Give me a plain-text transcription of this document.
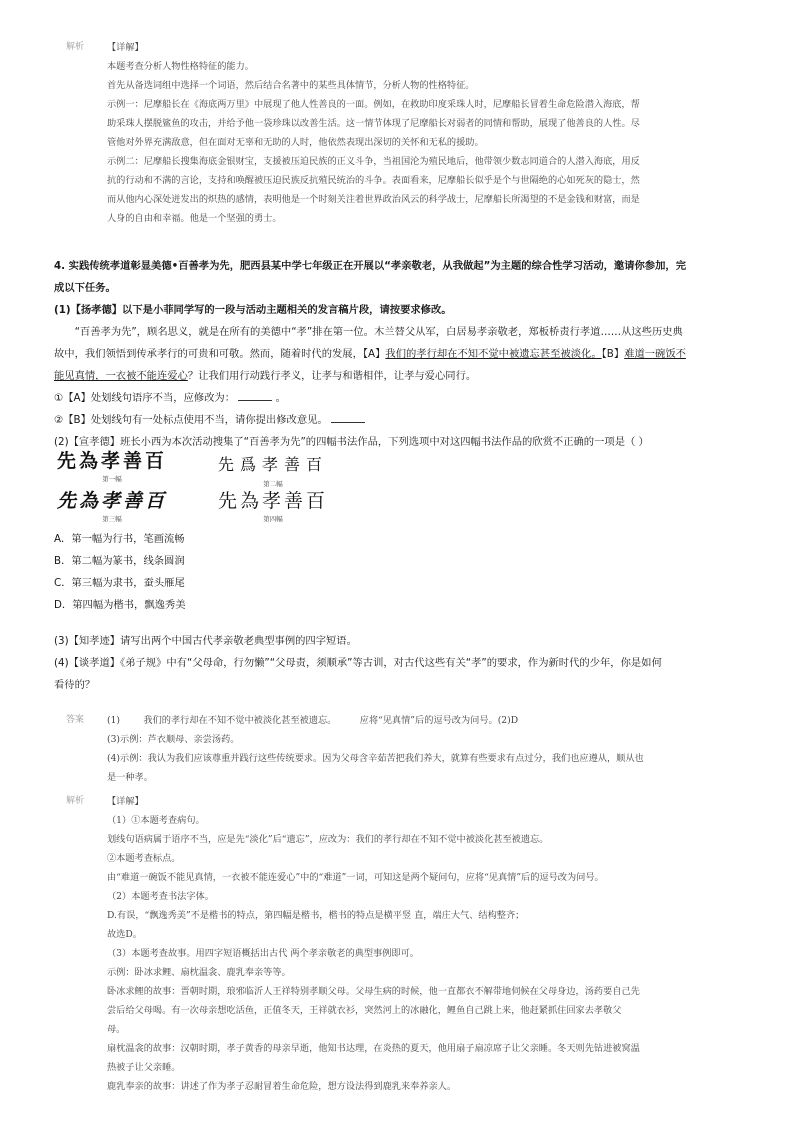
解析 【详解】

本题考查分析人物性格特征的能力。

首先从备选词组中选择一个词语，然后结合名著中的某些具体情节，分析人物的性格特征。

示例一：尼摩船长在《海底两万里》中展现了他人性善良的一面。例如，在救助印度采珠人时，尼摩船长冒着生命危险潜入海底，帮

助采珠人摆脱鲨鱼的攻击，并给予他一袋珍珠以改善生活。这一情节体现了尼摩船长对弱者的同情和帮助，展现了他善良的人性。尽

管他对外界充满敌意，但在面对无辜和无助的人时，他依然表现出深切的关怀和无私的援助。

示例二：尼摩船长搜集海底金银财宝，支援被压迫民族的正义斗争，当祖国沦为殖民地后，他带领少数志同道合的人潜入海底，用反

抗的行动和不满的言论，支持和唤醒被压迫民族反抗殖民统治的斗争。表面看来，尼摩船长似乎是个与世隔绝的心如死灰的隐士，然

而从他内心深处迸发出的炽热的感情，表明他是一个时刻关注着世界政治风云的科学战士，尼摩船长所渴望的不是金钱和财富，而是

人身的自由和幸福。他是一个坚强的勇士。

4. 实践传统孝道彰显美德•百善孝为先，肥西县某中学七年级正在开展以“孝亲敬老，从我做起”为主题的综合性学习活动，邀请你参加，完

成以下任务。

(1)【扬孝德】以下是小菲同学写的一段与活动主题相关的发言稿片段，请按要求修改。

“百善孝为先”，顾名思义，就是在所有的美德中“孝”排在第一位。木兰替父从军，白居易孝亲敬老，郑板桥责行孝道……从这些历史典

故中，我们领悟到传承孝行的可贵和可敬。然而，随着时代的发展，【A】我们的孝行却在不知不觉中被遗忘甚至被淡化。【B】难道一碗饭不

能见真情，一衣被不能连爱心？让我们用行动践行孝义，让孝与和谐相伴，让孝与爱心同行。

①【A】处划线句语序不当，应修改为：	。

②【B】处划线句有一处标点使用不当，请你提出修改意见。

(2)【宣孝德】班长小西为本次活动搜集了“百善孝为先”的四幅书法作品，下列选项中对这四幅书法作品的欣赏不正确的一项是（ ）

先為孝善百
第一幅
先爲孝善百
第二幅
先為孝善百
第三幅
先為孝善百
第四幅

A．第一幅为行书，笔画流畅

B．第二幅为篆书，线条圆润

C．第三幅为隶书，蚕头雁尾

D．第四幅为楷书，飘逸秀美

(3)【知孝迹】请写出两个中国古代孝亲敬老典型事例的四字短语。

(4)【谈孝道】《弟子规》中有“父母命，行勿懒”“父母责，须顺承”等古训，对古代这些有关“孝”的要求，作为新时代的少年，你是如何

看待的？

答案 (1)        我们的孝行却在不知不觉中被淡化甚至被遗忘。        应将“见真情”后的逗号改为问号。(2)D

(3)示例：芦衣顺母、亲尝汤药。

(4)示例：我认为我们应该尊重并践行这些传统要求。因为父母含辛茹苦把我们养大，就算有些要求有点过分，我们也应遵从，顺从也

是一种孝。

解析 【详解】

（1）①本题考查病句。

划线句语病属于语序不当，应是先“淡化”后“遗忘”，应改为：我们的孝行却在不知不觉中被淡化甚至被遗忘。

②本题考查标点。

由“难道一碗饭不能见真情，一衣被不能连爱心”中的“难道”一词，可知这是两个疑问句，应将“见真情”后的逗号改为问号。

（2）本题考查书法字体。

D.有误，“飘逸秀美”不是楷书的特点，第四幅是楷书，楷书的特点是横平竖 直，端庄大气、结构整齐；

故选D。

（3）本题考查故事。用四字短语概括出古代 两个孝亲敬老的典型事例即可。

示例：卧冰求鲤、扇枕温衾、鹿乳奉亲等等。

卧冰求鲤的故事：晋朝时期，琅邪临沂人王祥特别孝顺父母。父母生病的时候，他一直都衣不解带地伺候在父母身边，汤药要自己先

尝后给父母喝。有一次母亲想吃活鱼，正值冬天，王祥就衣衫，突然河上的冰融化，鲤鱼自己跳上来，他赶紧抓住回家去孝敬父

母。

扇枕温衾的故事：汉朝时期，孝子黄香的母亲早逝，他知书达理，在炎热的夏天，他用扇子扇凉席子让父亲睡。冬天则先钻进被窝温

热被子让父亲睡。

鹿乳奉亲的故事：讲述了作为孝子忍耐冒着生命危险，想方设法得到鹿乳来奉养亲人。
